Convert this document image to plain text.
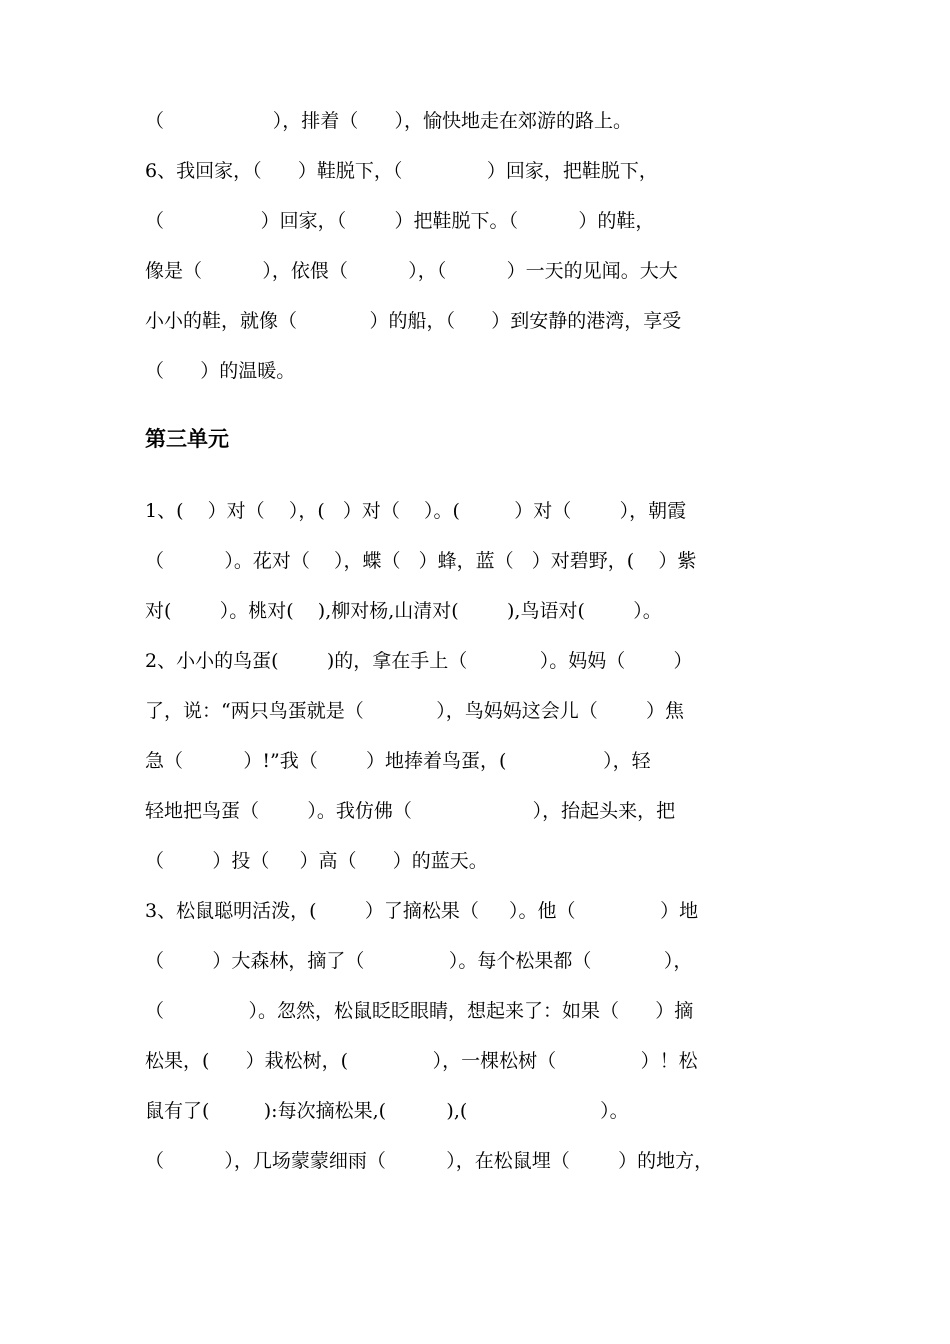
（                  ），排着（      ），愉快地走在郊游的路上。
6、我回家，（      ）鞋脱下，（              ）回家，把鞋脱下，
（                ）回家，（        ）把鞋脱下。（          ）的鞋，
像是（          ），依偎（          ），（          ）一天的见闻。大大
小小的鞋，就像（            ）的船，（      ）到安静的港湾，享受
（      ）的温暖。
第三单元
1、(    ）对（    ），(   ）对（    ）。(         ）对（        ），朝霞
（          ）。花对（    ），蝶（   ）蜂，蓝（   ）对碧野，(    ）紫
对(        ）。桃对(    ),柳对杨,山清对(        ),鸟语对(        ）。
2、小小的鸟蛋(        )的，拿在手上（            ）。妈妈（        ）
了，说：“两只鸟蛋就是（            ），鸟妈妈这会儿（        ）焦
急（          ）!”我（        ）地捧着鸟蛋，(                ），轻
轻地把鸟蛋（        ）。我仿佛（                    ），抬起头来，把
（        ）投（     ）高（      ）的蓝天。
3、松鼠聪明活泼，(        ）了摘松果（     ）。他（              ）地
（        ）大森林，摘了（              ）。每个松果都（            ），
（              ）。忽然，松鼠眨眨眼睛，想起来了：如果（      ）摘
松果，(      ）栽松树，(              ），一棵松树（              ）！松
鼠有了(         ):每次摘松果,(          ),(                      ）。
（          ），几场蒙蒙细雨（          ），在松鼠埋（        ）的地方，
